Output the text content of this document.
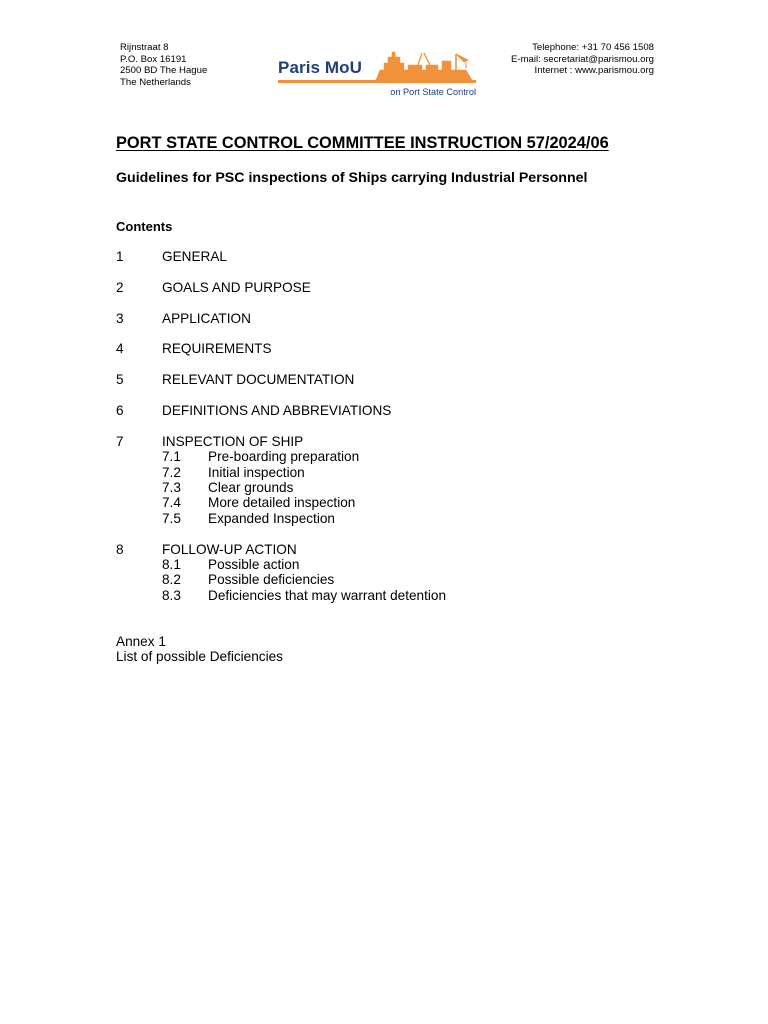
Rijnstraat 8
P.O. Box 16191
2500 BD The Hague
The Netherlands
Paris MoU
on Port State Control
Telephone: +31 70 456 1508
E-mail: secretariat@parismou.org
Internet : www.parismou.org
PORT STATE CONTROL COMMITTEE INSTRUCTION 57/2024/06
Guidelines for PSC inspections of Ships carrying Industrial Personnel
Contents
1	GENERAL
2	GOALS AND PURPOSE
3	APPLICATION
4	REQUIREMENTS
5	RELEVANT DOCUMENTATION
6	DEFINITIONS AND ABBREVIATIONS
7	INSPECTION OF SHIP
7.1	Pre-boarding preparation
7.2	Initial inspection
7.3	Clear grounds
7.4	More detailed inspection
7.5	Expanded Inspection
8	FOLLOW-UP ACTION
8.1	Possible action
8.2	Possible deficiencies
8.3	Deficiencies that may warrant detention
Annex 1
List of possible Deficiencies
